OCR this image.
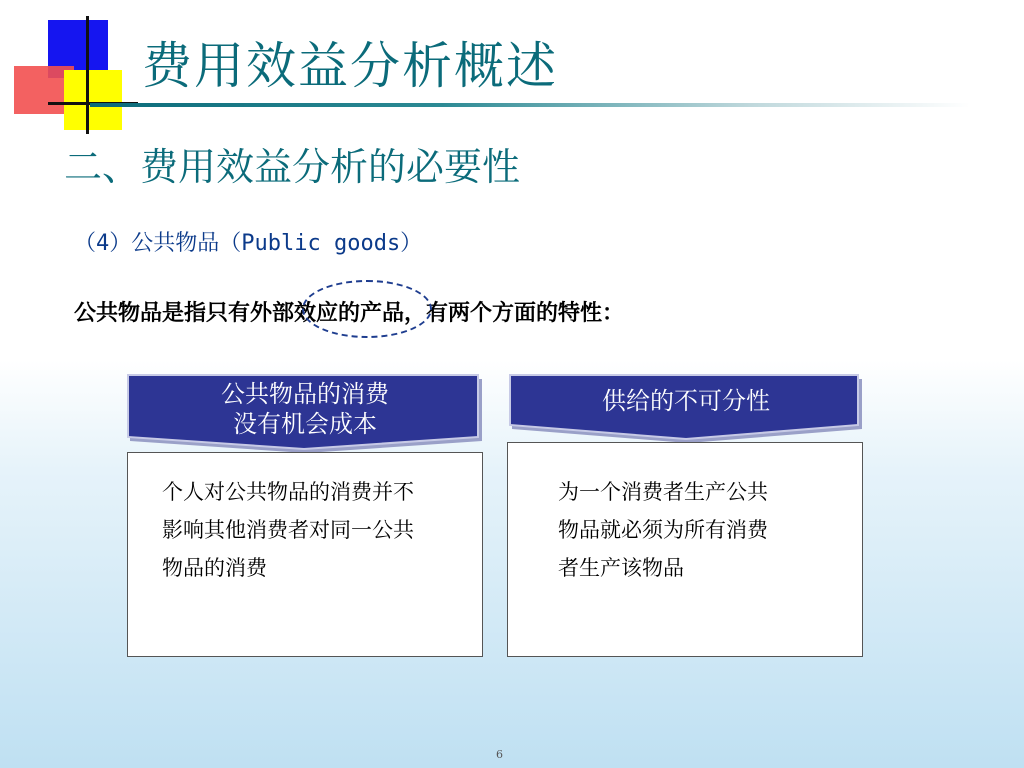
费用效益分析概述
二、费用效益分析的必要性
（4）公共物品（Public goods）
公共物品是指只有外部效应的产品，有两个方面的特性：
公共物品的消费
没有机会成本
个人对公共物品的消费并不
影响其他消费者对同一公共
物品的消费
供给的不可分性
为一个消费者生产公共
物品就必须为所有消费
者生产该物品
6
